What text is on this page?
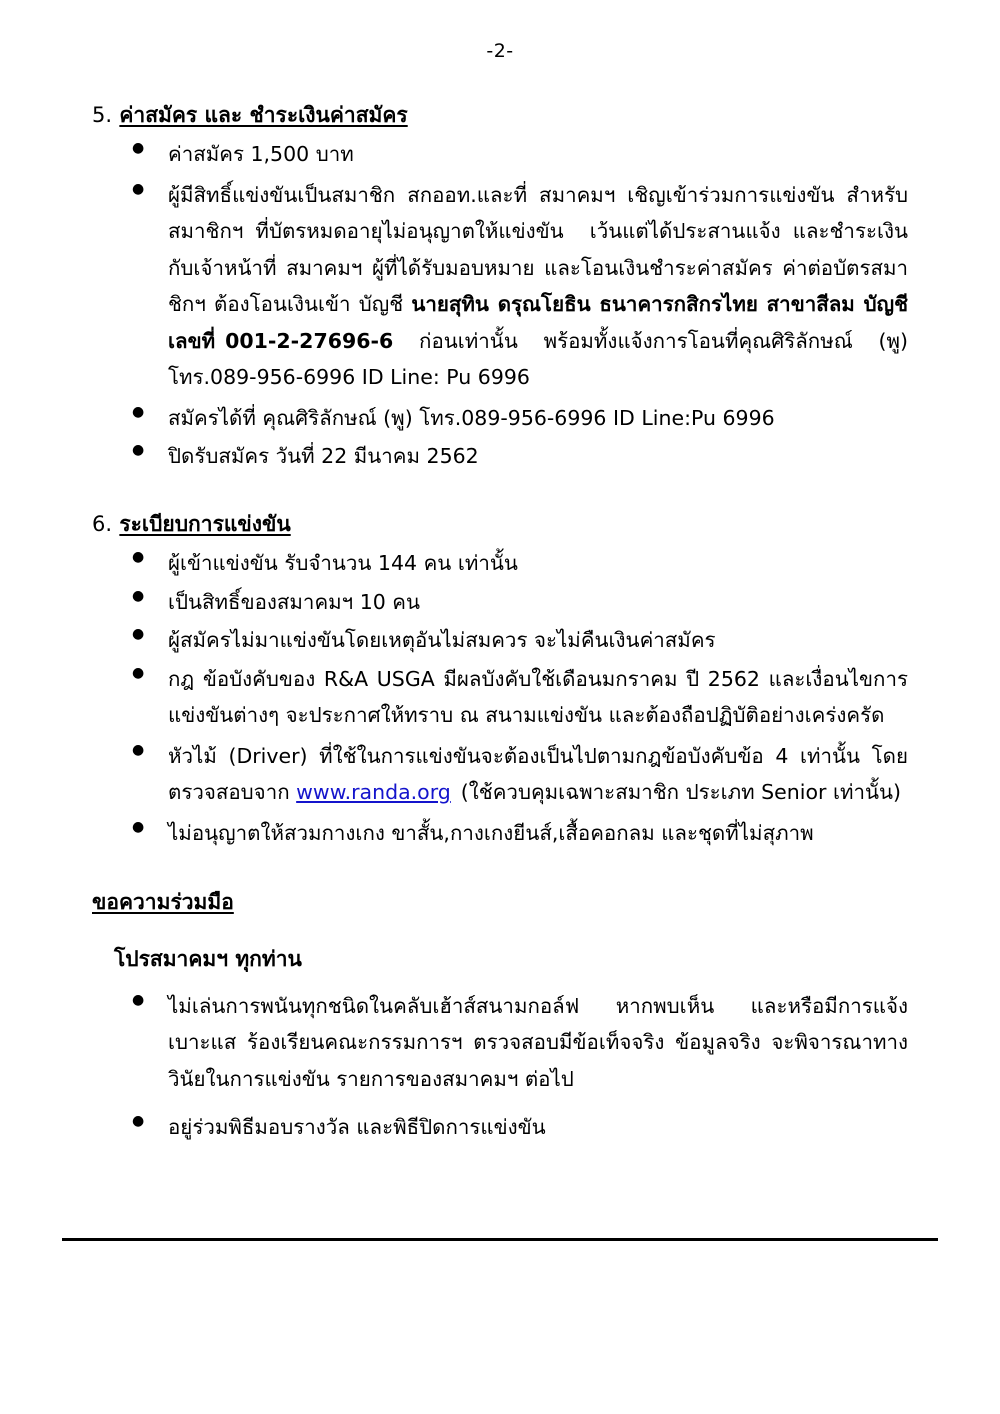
-2-
5. ค่าสมัคร และ ชำระเงินค่าสมัคร
● ค่าสมัคร 1,500 บาท
● ผู้มีสิทธิ์แข่งขันเป็นสมาชิก สกออท.และที่ สมาคมฯ เชิญเข้าร่วมการแข่งขัน สำหรับสมาชิกฯ ที่บัตรหมดอายุไม่อนุญาตให้แข่งขัน เว้นแต่ได้ประสานแจ้ง และชำระเงินกับเจ้าหน้าที่ สมาคมฯ ผู้ที่ได้รับมอบหมาย และโอนเงินชำระค่าสมัคร ค่าต่อบัตรสมาชิกฯ ต้องโอนเงินเข้า บัญชี นายสุทิน ดรุณโยธิน ธนาคารกสิกรไทย สาขาสีลม บัญชีเลขที่ 001-2-27696-6 ก่อนเท่านั้น พร้อมทั้งแจ้งการโอนที่คุณศิริลักษณ์ (พู) โทร.089-956-6996 ID Line: Pu 6996
● สมัครได้ที่ คุณศิริลักษณ์ (พู) โทร.089-956-6996 ID Line:Pu 6996
● ปิดรับสมัคร วันที่ 22 มีนาคม 2562
6. ระเบียบการแข่งขัน
● ผู้เข้าแข่งขัน รับจำนวน 144 คน เท่านั้น
● เป็นสิทธิ์ของสมาคมฯ 10 คน
● ผู้สมัครไม่มาแข่งขันโดยเหตุอันไม่สมควร จะไม่คืนเงินค่าสมัคร
● กฎ ข้อบังคับของ R&A USGA มีผลบังคับใช้เดือนมกราคม ปี 2562 และเงื่อนไขการแข่งขันต่างๆ จะประกาศให้ทราบ ณ สนามแข่งขัน และต้องถือปฏิบัติอย่างเคร่งครัด
● หัวไม้ (Driver) ที่ใช้ในการแข่งขันจะต้องเป็นไปตามกฎข้อบังคับข้อ 4 เท่านั้น โดยตรวจสอบจาก www.randa.org (ใช้ควบคุมเฉพาะสมาชิก ประเภท Senior เท่านั้น)
● ไม่อนุญาตให้สวมกางเกง ขาสั้น,กางเกงยีนส์,เสื้อคอกลม และชุดที่ไม่สุภาพ
ขอความร่วมมือ
โปรสมาคมฯ ทุกท่าน
● ไม่เล่นการพนันทุกชนิดในคลับเฮ้าส์สนามกอล์ฟ หากพบเห็น และหรือมีการแจ้งเบาะแส ร้องเรียนคณะกรรมการฯ ตรวจสอบมีข้อเท็จจริง ข้อมูลจริง จะพิจารณาทางวินัยในการแข่งขัน รายการของสมาคมฯ ต่อไป
● อยู่ร่วมพิธีมอบรางวัล และพิธีปิดการแข่งขัน
